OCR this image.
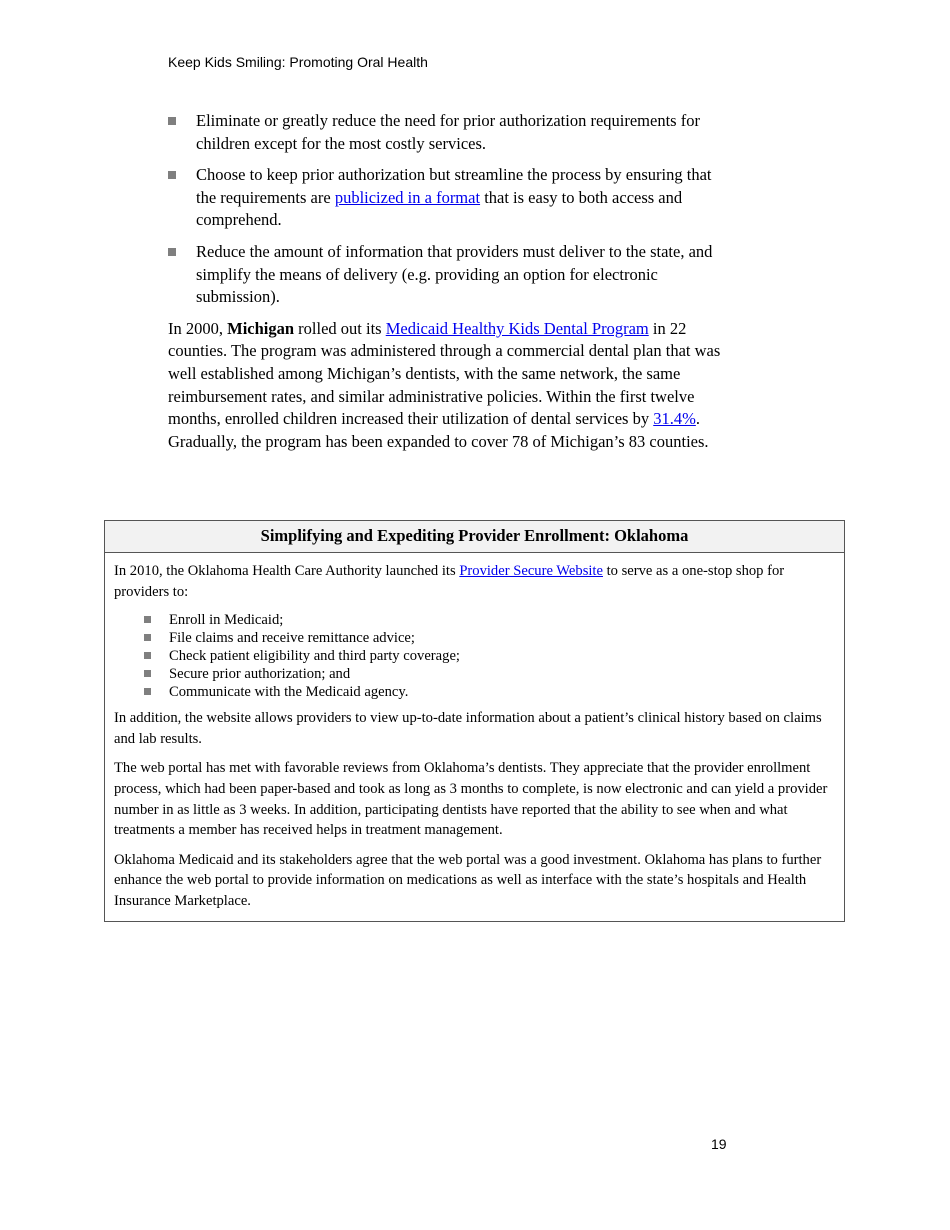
Keep Kids Smiling: Promoting Oral Health
Eliminate or greatly reduce the need for prior authorization requirements for children except for the most costly services.
Choose to keep prior authorization but streamline the process by ensuring that the requirements are publicized in a format that is easy to both access and comprehend.
Reduce the amount of information that providers must deliver to the state, and simplify the means of delivery (e.g. providing an option for electronic submission).

In 2000, Michigan rolled out its Medicaid Healthy Kids Dental Program in 22 counties. The program was administered through a commercial dental plan that was well established among Michigan’s dentists, with the same network, the same reimbursement rates, and similar administrative policies. Within the first twelve months, enrolled children increased their utilization of dental services by 31.4%. Gradually, the program has been expanded to cover 78 of Michigan’s 83 counties.

Simplifying and Expediting Provider Enrollment: Oklahoma

In 2010, the Oklahoma Health Care Authority launched its Provider Secure Website to serve as a one-stop shop for providers to:

Enroll in Medicaid;
File claims and receive remittance advice;
Check patient eligibility and third party coverage;
Secure prior authorization; and
Communicate with the Medicaid agency.

In addition, the website allows providers to view up-to-date information about a patient’s clinical history based on claims and lab results.

The web portal has met with favorable reviews from Oklahoma’s dentists. They appreciate that the provider enrollment process, which had been paper-based and took as long as 3 months to complete, is now electronic and can yield a provider number in as little as 3 weeks. In addition, participating dentists have reported that the ability to see when and what treatments a member has received helps in treatment management.

Oklahoma Medicaid and its stakeholders agree that the web portal was a good investment. Oklahoma has plans to further enhance the web portal to provide information on medications as well as interface with the state’s hospitals and Health Insurance Marketplace.

19
